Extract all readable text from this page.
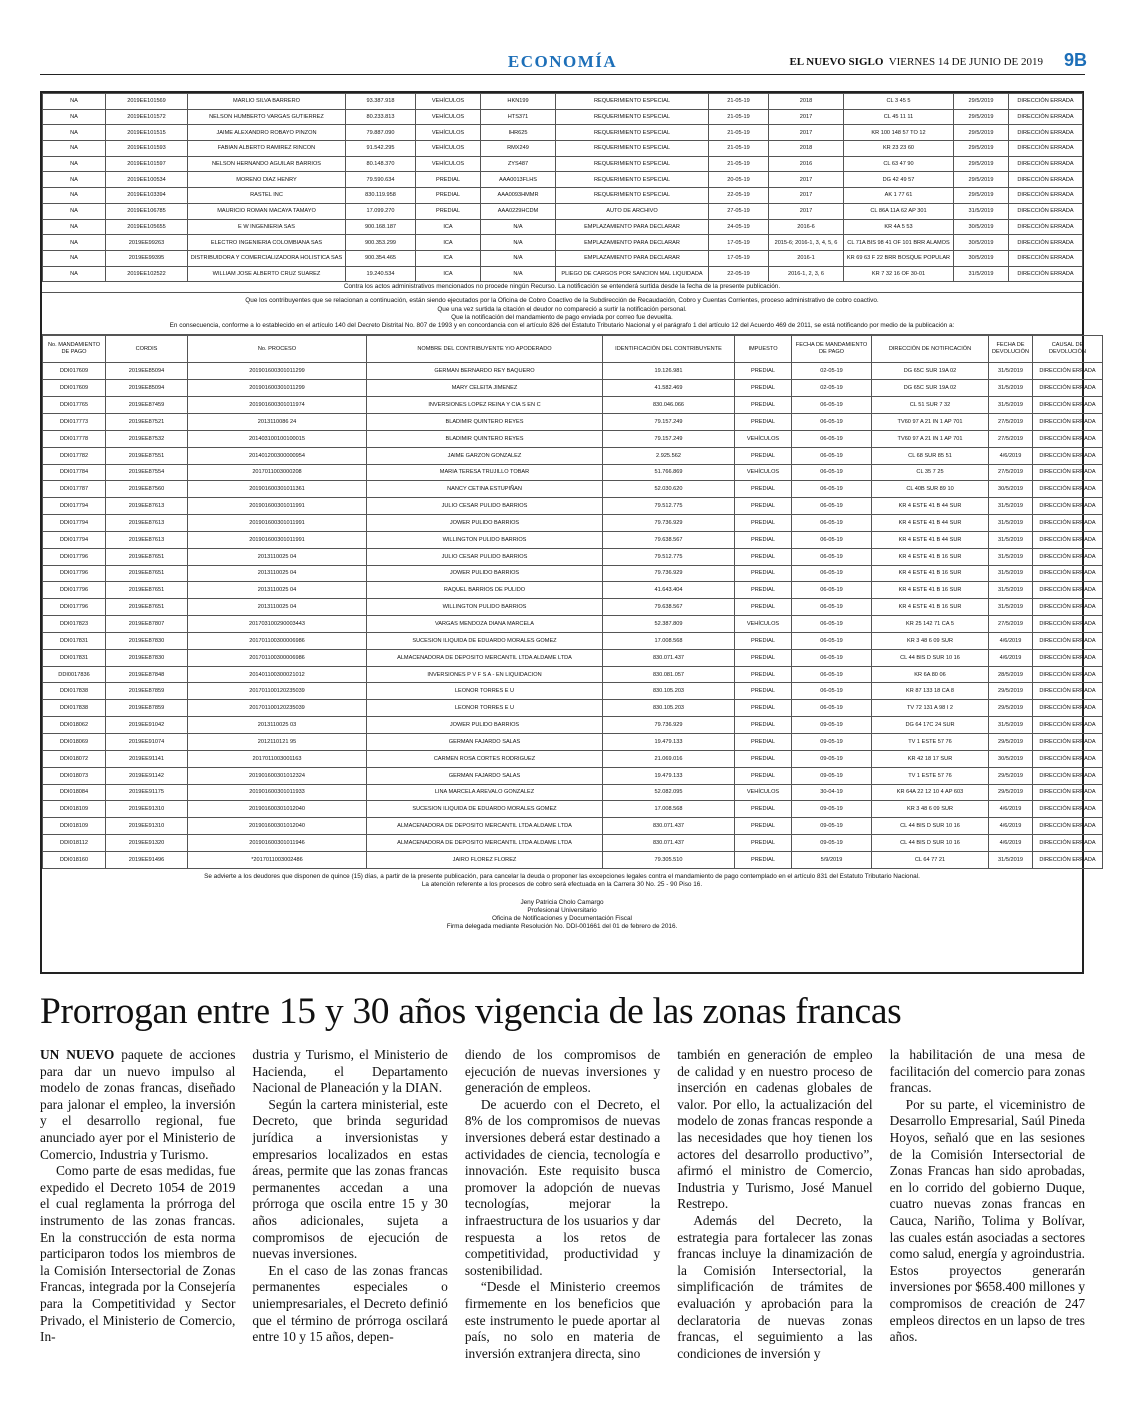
ECONOMÍA	EL NUEVO SIGLO VIERNES 14 DE JUNIO DE 2019 9B
NA	2019EE101569	MARLIO SILVA BARRERO	93.387.918	VEHÍCULOS	HKN199	REQUERIMIENTO ESPECIAL	21-05-19	2018	CL 3 45 5	29/5/2019	DIRECCIÓN ERRADA
NA	2019EE101572	NELSON HUMBERTO VARGAS GUTIERREZ	80.233.813	VEHÍCULOS	HTS371	REQUERIMIENTO ESPECIAL	21-05-19	2017	CL 45 11 11	29/5/2019	DIRECCIÓN ERRADA
NA	2019EE101515	JAIME ALEXANDRO ROBAYO PINZON	79.887.090	VEHÍCULOS	IHR625	REQUERIMIENTO ESPECIAL	21-05-19	2017	KR 100 148 57 TO 12	29/5/2019	DIRECCIÓN ERRADA
NA	2019EE101593	FABIAN ALBERTO RAMIREZ RINCON	91.542.295	VEHÍCULOS	RMX249	REQUERIMIENTO ESPECIAL	21-05-19	2018	KR 23 23 60	29/5/2019	DIRECCIÓN ERRADA
NA	2019EE101597	NELSON HERNANDO AGUILAR BARRIOS	80.148.370	VEHÍCULOS	ZYS487	REQUERIMIENTO ESPECIAL	21-05-19	2016	CL 63 47 90	29/5/2019	DIRECCIÓN ERRADA
NA	2019EE100534	MORENO DIAZ HENRY	79.590.634	PREDIAL	AAA0013FLHS	REQUERIMIENTO ESPECIAL	20-05-19	2017	DG 42 49 57	29/5/2019	DIRECCIÓN ERRADA
NA	2019EE103394	RASTEL INC	830.119.958	PREDIAL	AAA0093HMMR	REQUERIMIENTO ESPECIAL	22-05-19	2017	AK 1 77 61	29/5/2019	DIRECCIÓN ERRADA
NA	2019EE106785	MAURICIO ROMAN MACAYA TAMAYO	17.099.270	PREDIAL	AAA0229HCDM	AUTO DE ARCHIVO	27-05-19	2017	CL 86A 11A 62 AP 301	31/5/2019	DIRECCIÓN ERRADA
NA	2019EE105655	E W INGENIERIA SAS	900.168.187	ICA	N/A	EMPLAZAMIENTO PARA DECLARAR	24-05-19	2016-6	KR 4A 5 53	30/5/2019	DIRECCIÓN ERRADA
NA	2019EE99263	ELECTRO INGENIERIA COLOMBIANA SAS	900.353.299	ICA	N/A	EMPLAZAMIENTO PARA DECLARAR	17-05-19	2015-6; 2016-1, 3, 4, 5, 6	CL 71A BIS 98 41 OF 101 BRR ALAMOS	30/5/2019	DIRECCIÓN ERRADA
NA	2019EE99395	DISTRIBUIDORA Y COMERCIALIZADORA HOLISTICA SAS	900.354.465	ICA	N/A	EMPLAZAMIENTO PARA DECLARAR	17-05-19	2016-1	KR 69 63 F 22 BRR BOSQUE POPULAR	30/5/2019	DIRECCIÓN ERRADA
NA	2019EE102522	WILLIAM JOSE ALBERTO CRUZ SUAREZ	19.240.534	ICA	N/A	PLIEGO DE CARGOS POR SANCION MAL LIQUIDADA	22-05-19	2016-1, 2, 3, 6	KR 7 32 16 OF 30-01	31/5/2019	DIRECCIÓN ERRADA
Contra los actos administrativos mencionados no procede ningún Recurso. La notificación se entenderá surtida desde la fecha de la presente publicación.
Que los contribuyentes que se relacionan a continuación, están siendo ejecutados por la Oficina de Cobro Coactivo de la Subdirección de Recaudación, Cobro y Cuentas Corrientes, proceso administrativo de cobro coactivo.
Que una vez surtida la citación el deudor no compareció a surtir la notificación personal.
Que la notificación del mandamiento de pago enviada por correo fue devuelta.
En consecuencia, conforme a lo establecido en el artículo 140 del Decreto Distrital No. 807 de 1993 y en concordancia con el artículo 826 del Estatuto Tributario Nacional y el parágrafo 1 del artículo 12 del Acuerdo 469 de 2011, se está notificando por medio de la publicación a:
No. MANDAMIENTO DE PAGO	CORDIS	No. PROCESO	NOMBRE DEL CONTRIBUYENTE Y/O APODERADO	IDENTIFICACIÓN DEL CONTRIBUYENTE	IMPUESTO	FECHA DE MANDAMIENTO DE PAGO	DIRECCIÓN DE NOTIFICACIÓN	FECHA DE DEVOLUCIÓN	CAUSAL DE DEVOLUCIÓN
DDI017609	2019EE85094	201901600301011299	GERMAN BERNARDO REY BAQUERO	19.126.981	PREDIAL	02-05-19	DG 65C SUR 19A 02	31/5/2019	DIRECCIÓN ERRADA
DDI017609	2019EE85094	201901600301011299	MARY CELEITA JIMENEZ	41.582.469	PREDIAL	02-05-19	DG 65C SUR 19A 02	31/5/2019	DIRECCIÓN ERRADA
DDI017765	2019EE87459	201901600301011974	INVERSIONES LOPEZ REINA Y CIA S EN C	830.046.066	PREDIAL	06-05-19	CL 51 SUR 7 32	31/5/2019	DIRECCIÓN ERRADA
DDI017773	2019EE87521	2013110086 24	BLADIMIR QUINTERO REYES	79.157.249	PREDIAL	06-05-19	TV60 97 A 21 IN 1 AP 701	27/5/2019	DIRECCIÓN ERRADA
DDI017778	2019EE87532	201403100100100015	BLADIMIR QUINTERO REYES	79.157.249	VEHÍCULOS	06-05-19	TV60 97 A 21 IN 1 AP 701	27/5/2019	DIRECCIÓN ERRADA
DDI017782	2019EE87551	201401200300000954	JAIME GARZON GONZALEZ	2.925.562	PREDIAL	06-05-19	CL 68 SUR 85 51	4/6/2019	DIRECCIÓN ERRADA
DDI017784	2019EE87554	2017011003000208	MARIA TERESA TRUJILLO TOBAR	51.766.869	VEHÍCULOS	06-05-19	CL 35 7 25	27/5/2019	DIRECCIÓN ERRADA
DDI017787	2019EE87560	201901600301011361	NANCY CETINA ESTUPIÑAN	52.030.620	PREDIAL	06-05-19	CL 40B SUR 89 10	30/5/2019	DIRECCIÓN ERRADA
DDI017794	2019EE87613	201901600301011991	JULIO CESAR PULIDO BARRIOS	79.512.775	PREDIAL	06-05-19	KR 4 ESTE 41 B 44 SUR	31/5/2019	DIRECCIÓN ERRADA
DDI017794	2019EE87613	201901600301011991	JOWER PULIDO BARRIOS	79.736.929	PREDIAL	06-05-19	KR 4 ESTE 41 B 44 SUR	31/5/2019	DIRECCIÓN ERRADA
DDI017794	2019EE87613	201901600301011991	WILLINGTON PULIDO BARRIOS	79.638.567	PREDIAL	06-05-19	KR 4 ESTE 41 B 44 SUR	31/5/2019	DIRECCIÓN ERRADA
DDI017796	2019EE87651	2013110025 04	JULIO CESAR PULIDO BARRIOS	79.512.775	PREDIAL	06-05-19	KR 4 ESTE 41 B 16 SUR	31/5/2019	DIRECCIÓN ERRADA
DDI017796	2019EE87651	2013110025 04	JOWER PULIDO BARRIOS	79.736.929	PREDIAL	06-05-19	KR 4 ESTE 41 B 16 SUR	31/5/2019	DIRECCIÓN ERRADA
DDI017796	2019EE87651	2013110025 04	RAQUEL BARRIOS DE PULIDO	41.643.404	PREDIAL	06-05-19	KR 4 ESTE 41 B 16 SUR	31/5/2019	DIRECCIÓN ERRADA
DDI017796	2019EE87651	2013110025 04	WILLINGTON PULIDO BARRIOS	79.638.567	PREDIAL	06-05-19	KR 4 ESTE 41 B 16 SUR	31/5/2019	DIRECCIÓN ERRADA
DDI017823	2019EE87807	201703100290003443	VARGAS MENDOZA DIANA MARCELA	52.387.809	VEHÍCULOS	06-05-19	KR 25 142 71 CA 5	27/5/2019	DIRECCIÓN ERRADA
DDI017831	2019EE87830	201701100300006986	SUCESION ILIQUIDA DE EDUARDO MORALES GOMEZ	17.008.568	PREDIAL	06-05-19	KR 3 48 6 09 SUR	4/6/2019	DIRECCIÓN ERRADA
DDI017831	2019EE87830	201701100300006986	ALMACENADORA DE DEPOSITO MERCANTIL LTDA ALDAME LTDA	830.071.437	PREDIAL	06-05-19	CL 44 BIS D SUR 10 16	4/6/2019	DIRECCIÓN ERRADA
DDI0017836	2019EE87848	201401100300021012	INVERSIONES P V F S A - EN LIQUIDACION	830.081.057	PREDIAL	06-05-19	KR 6A 80 06	28/5/2019	DIRECCIÓN ERRADA
DDI017838	2019EE87859	201701100120235039	LEONOR TORRES E U	830.105.203	PREDIAL	06-05-19	KR 87 133 18 CA 8	29/5/2019	DIRECCIÓN ERRADA
DDI017838	2019EE87859	201701100120235039	LEONOR TORRES E U	830.105.203	PREDIAL	06-05-19	TV 72 131 A 98 I 2	29/5/2019	DIRECCIÓN ERRADA
DDI018062	2019EE91042	2013110025 03	JOWER PULIDO BARRIOS	79.736.929	PREDIAL	09-05-19	DG 64 17C 24 SUR	31/5/2019	DIRECCIÓN ERRADA
DDI018069	2019EE91074	2012110121 95	GERMAN FAJARDO SALAS	19.479.133	PREDIAL	09-05-19	TV 1 ESTE 57 76	29/5/2019	DIRECCIÓN ERRADA
DDI018072	2019EE91141	2017011003001163	CARMEN ROSA CORTES RODRIGUEZ	21.069.016	PREDIAL	09-05-19	KR 42 18 17 SUR	30/5/2019	DIRECCIÓN ERRADA
DDI018073	2019EE91142	201901600301012324	GERMAN FAJARDO SALAS	19.479.133	PREDIAL	09-05-19	TV 1 ESTE 57 76	29/5/2019	DIRECCIÓN ERRADA
DDI018084	2019EE91175	201901600301011933	LINA MARCELA AREVALO GONZALEZ	52.082.095	VEHÍCULOS	30-04-19	KR 64A 22 12 10 4 AP 603	29/5/2019	DIRECCIÓN ERRADA
DDI018109	2019EE91310	201901600301012040	SUCESION ILIQUIDA DE EDUARDO MORALES GOMEZ	17.008.568	PREDIAL	09-05-19	KR 3 48 6 09 SUR	4/6/2019	DIRECCIÓN ERRADA
DDI018109	2019EE91310	201901600301012040	ALMACENADORA DE DEPOSITO MERCANTIL LTDA ALDAME LTDA	830.071.437	PREDIAL	09-05-19	CL 44 BIS D SUR 10 16	4/6/2019	DIRECCIÓN ERRADA
DDI018112	2019EE91320	201901600301011946	ALMACENADORA DE DEPOSITO MERCANTIL LTDA ALDAME LTDA	830.071.437	PREDIAL	09-05-19	CL 44 BIS D SUR 10 16	4/6/2019	DIRECCIÓN ERRADA
DDI018160	2019EE91496	*2017011003002486	JAIRO FLOREZ FLOREZ	79.305.510	PREDIAL	5/9/2019	CL 64 77 21	31/5/2019	DIRECCIÓN ERRADA
Se advierte a los deudores que disponen de quince (15) días, a partir de la presente publicación, para cancelar la deuda o proponer las excepciones legales contra el mandamiento de pago contemplado en el artículo 831 del Estatuto Tributario Nacional.
La atención referente a los procesos de cobro será efectuada en la Carrera 30 No. 25 - 90 Piso 16.
Jeny Patricia Cholo Camargo
Profesional Universitario
Oficina de Notificaciones y Documentación Fiscal
Firma delegada mediante Resolución No. DDI-001661 del 01 de febrero de 2016.
Prorrogan entre 15 y 30 años vigencia de las zonas francas

UN NUEVO paquete de acciones para dar un nuevo impulso al modelo de zonas francas, diseñado para jalonar el empleo, la inversión y el desarrollo regional, fue anunciado ayer por el Ministerio de Comercio, Industria y Turismo.

Como parte de esas medidas, fue expedido el Decreto 1054 de 2019 el cual reglamenta la prórroga del instrumento de las zonas francas. En la construcción de esta norma participaron todos los miembros de la Comisión Intersectorial de Zonas Francas, integrada por la Consejería para la Competitividad y Sector Privado, el Ministerio de Comercio, In-

dustria y Turismo, el Ministerio de Hacienda, el Departamento Nacional de Planeación y la DIAN.

Según la cartera ministerial, este Decreto, que brinda seguridad jurídica a inversionistas y empresarios localizados en estas áreas, permite que las zonas francas permanentes accedan a una prórroga que oscila entre 15 y 30 años adicionales, sujeta a compromisos de ejecución de nuevas inversiones.

En el caso de las zonas francas permanentes especiales o uniempresariales, el Decreto definió que el término de prórroga oscilará entre 10 y 15 años, depen-

diendo de los compromisos de ejecución de nuevas inversiones y generación de empleos.

De acuerdo con el Decreto, el 8% de los compromisos de nuevas inversiones deberá estar destinado a actividades de ciencia, tecnología e innovación. Este requisito busca promover la adopción de nuevas tecnologías, mejorar la infraestructura de los usuarios y dar respuesta a los retos de competitividad, productividad y sostenibilidad.

“Desde el Ministerio creemos firmemente en los beneficios que este instrumento le puede aportar al país, no solo en materia de inversión extranjera directa, sino

también en generación de empleo de calidad y en nuestro proceso de inserción en cadenas globales de valor. Por ello, la actualización del modelo de zonas francas responde a las necesidades que hoy tienen los actores del desarrollo productivo”, afirmó el ministro de Comercio, Industria y Turismo, José Manuel Restrepo.

Además del Decreto, la estrategia para fortalecer las zonas francas incluye la dinamización de la Comisión Intersectorial, la simplificación de trámites de evaluación y aprobación para la declaratoria de nuevas zonas francas, el seguimiento a las condiciones de inversión y

la habilitación de una mesa de facilitación del comercio para zonas francas.

Por su parte, el viceministro de Desarrollo Empresarial, Saúl Pineda Hoyos, señaló que en las sesiones de la Comisión Intersectorial de Zonas Francas han sido aprobadas, en lo corrido del gobierno Duque, cuatro nuevas zonas francas en Cauca, Nariño, Tolima y Bolívar, las cuales están asociadas a sectores como salud, energía y agroindustria. Estos proyectos generarán inversiones por $658.400 millones y compromisos de creación de 247 empleos directos en un lapso de tres años.
